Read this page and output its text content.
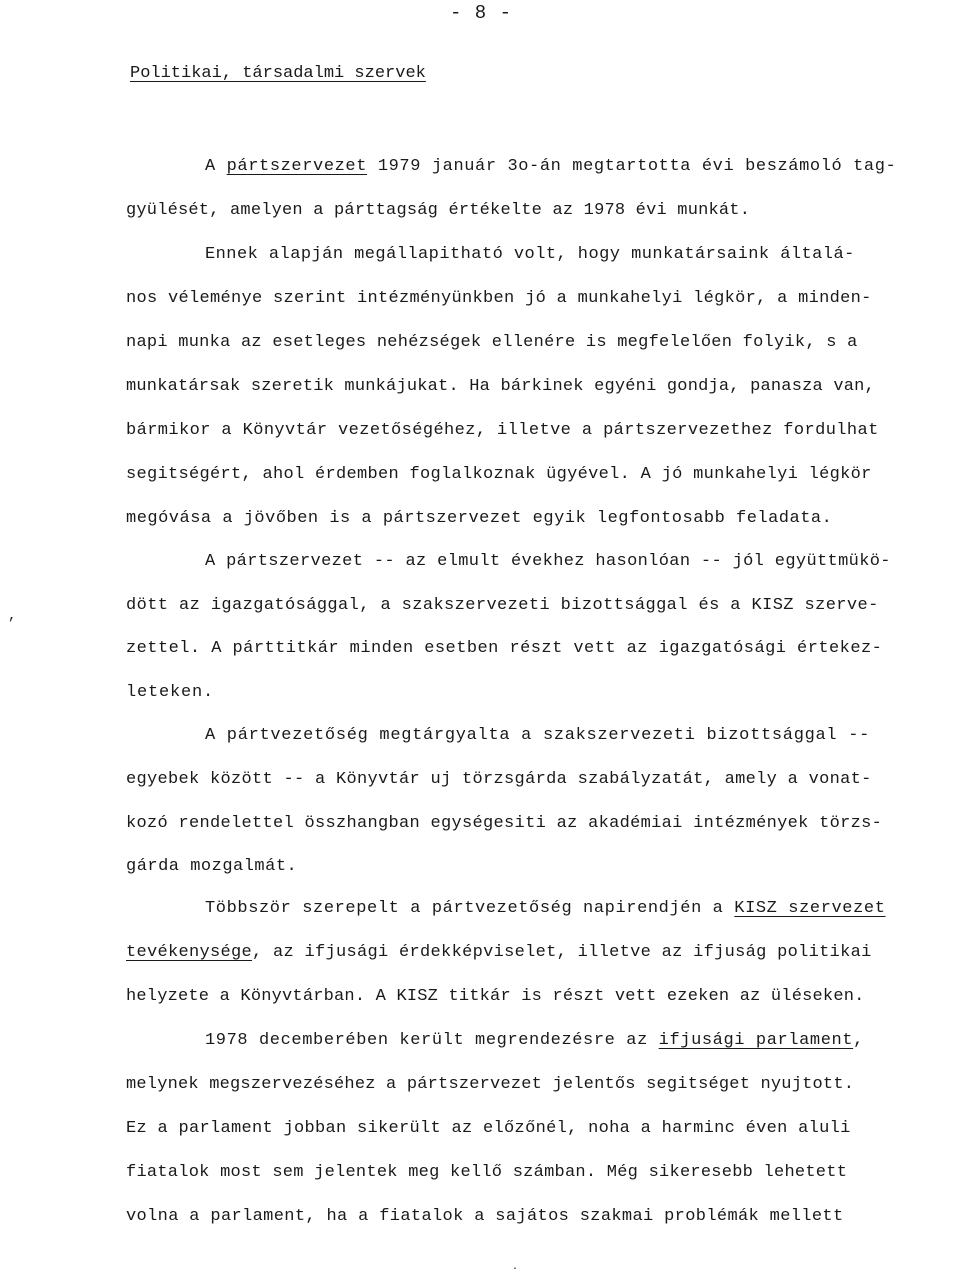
- 8 -
Politikai, társadalmi szervek
,
A pártszervezet 1979 január 3o-án megtartotta évi beszámoló tag-
gyülését, amelyen a párttagság értékelte az 1978 évi munkát.
Ennek alapján megállapitható volt, hogy munkatársaink általá-
nos véleménye szerint intézményünkben jó a munkahelyi légkör, a minden-
napi munka az esetleges nehézségek ellenére is megfelelően folyik, s a
munkatársak szeretik munkájukat. Ha bárkinek egyéni gondja, panasza van,
bármikor a Könyvtár vezetőségéhez, illetve a pártszervezethez fordulhat
segitségért, ahol érdemben foglalkoznak ügyével. A jó munkahelyi légkör
megóvása a jövőben is a pártszervezet egyik legfontosabb feladata.
A pártszervezet -- az elmult évekhez hasonlóan -- jól együttmükö-
dött az igazgatósággal, a szakszervezeti bizottsággal és a KISZ szerve-
zettel. A párttitkár minden esetben részt vett az igazgatósági értekez-
leteken.
A pártvezetőség megtárgyalta a szakszervezeti bizottsággal --
egyebek között -- a Könyvtár uj törzsgárda szabályzatát, amely a vonat-
kozó rendelettel összhangban egységesiti az akadémiai intézmények törzs-
gárda mozgalmát.
Többször szerepelt a pártvezetőség napirendjén a KISZ szervezet
tevékenysége, az ifjusági érdekképviselet, illetve az ifjuság politikai
helyzete a Könyvtárban. A KISZ titkár is részt vett ezeken az üléseken.
1978 decemberében került megrendezésre az ifjusági parlament,
melynek megszervezéséhez a pártszervezet jelentős segitséget nyujtott.
Ez a parlament jobban sikerült az előzőnél, noha a harminc éven aluli
fiatalok most sem jelentek meg kellő számban. Még sikeresebb lehetett
volna a parlament, ha a fiatalok a sajátos szakmai problémák mellett
.
